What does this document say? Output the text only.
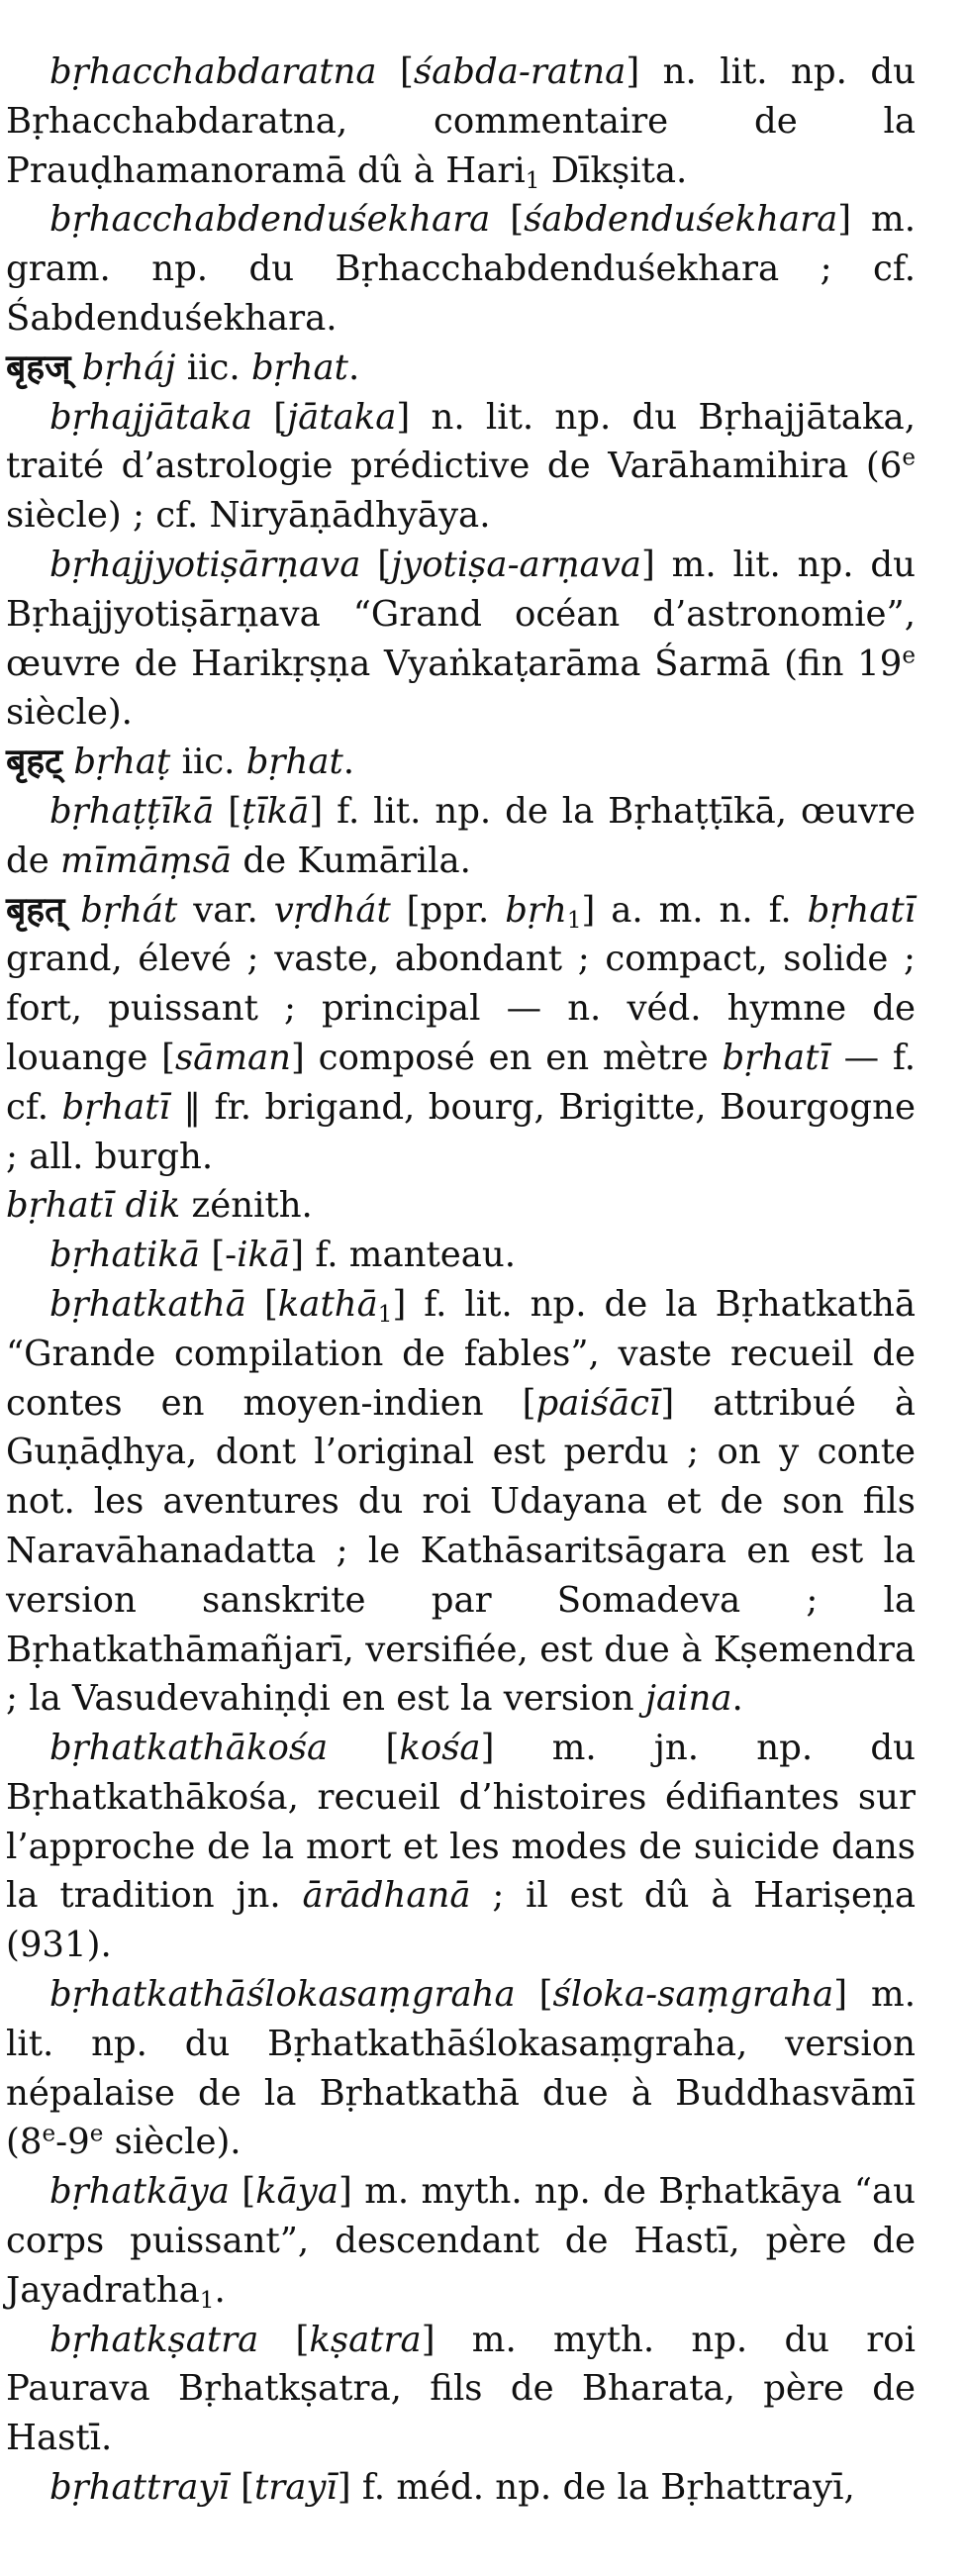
bṛhacchabdaratna [śabda-ratna] n. lit. np. du Bṛhacchabdaratna, commentaire de la Prauḍhamanoramā dû à Hari$_1$ Dīkṣita.

bṛhacchabdenduśekhara [śabdenduśekhara] m. gram. np. du Bṛhacchabdenduśekhara ; cf. Śabdenduśekhara.

बृहज् bṛháj iic. bṛhat.

bṛhajjātaka [jātaka] n. lit. np. du Bṛhajjātaka, traité d’astrologie prédictive de Varāhamihira (6e siècle) ; cf. Niryāṇādhyāya.

bṛhajjyotiṣārṇava [jyotiṣa-arṇava] m. lit. np. du Bṛhajjyotiṣārṇava “Grand océan d’astronomie”, œuvre de Harikṛṣṇa Vyaṅkaṭarāma Śarmā (fin 19e siècle).

बृहट् bṛhaṭ iic. bṛhat.

bṛhaṭṭīkā [ṭīkā] f. lit. np. de la Bṛhaṭṭīkā, œuvre de mīmāṃsā de Kumārila.

बृहत् bṛhát var. vṛdhát [ppr. bṛh$_1$] a. m. n. f. bṛhatī grand, élevé ; vaste, abondant ; compact, solide ; fort, puissant ; principal — n. véd. hymne de louange [sāman] composé en en mètre bṛhatī — f. cf. bṛhatī ‖ fr. brigand, bourg, Brigitte, Bourgogne ; all. burgh.

bṛhatī dik zénith.

bṛhatikā [-ikā] f. manteau.

bṛhatkathā [kathā$_1$] f. lit. np. de la Bṛhatkathā “Grande compilation de fables”, vaste recueil de contes en moyen-indien [paiśācī] attribué à Guṇāḍhya, dont l’original est perdu ; on y conte not. les aventures du roi Udayana et de son fils Naravāhanadatta ; le Kathāsaritsāgara en est la version sanskrite par Somadeva ; la Bṛhatkathāmañjarī, versifiée, est due à Kṣemendra ; la Vasudevahiṇḍi en est la version jaina.

bṛhatkathākośa [kośa] m. jn. np. du Bṛhatkathākośa, recueil d’histoires édifiantes sur l’approche de la mort et les modes de suicide dans la tradition jn. ārādhanā ; il est dû à Hariṣeṇa (931).

bṛhatkathāślokasaṃgraha [śloka-saṃgraha] m. lit. np. du Bṛhatkathāślokasaṃgraha, version népalaise de la Bṛhatkathā due à Buddhasvāmī (8e-9e siècle).

bṛhatkāya [kāya] m. myth. np. de Bṛhatkāya “au corps puissant”, descendant de Hastī, père de Jayadratha$_1$.

bṛhatkṣatra [kṣatra] m. myth. np. du roi Paurava Bṛhatkṣatra, fils de Bharata, père de Hastī.

bṛhattrayī [trayī] f. méd. np. de la Bṛhattrayī,
